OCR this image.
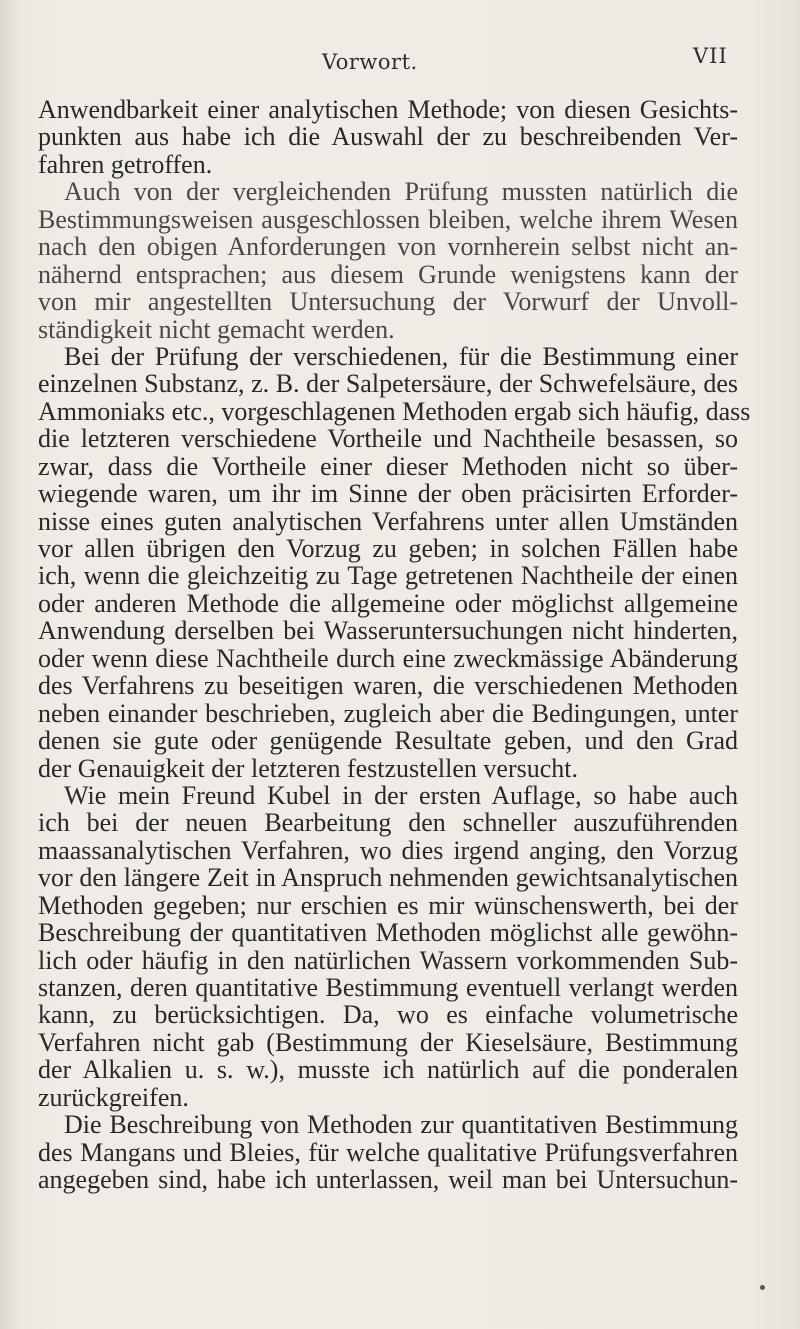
Vorwort.	VII
Anwendbarkeit einer analytischen Methode; von diesen Gesichts-
punkten aus habe ich die Auswahl der zu beschreibenden Ver-
fahren getroffen.
Auch von der vergleichenden Prüfung mussten natürlich die
Bestimmungsweisen ausgeschlossen bleiben, welche ihrem Wesen
nach den obigen Anforderungen von vornherein selbst nicht an-
nähernd entsprachen; aus diesem Grunde wenigstens kann der
von mir angestellten Untersuchung der Vorwurf der Unvoll-
ständigkeit nicht gemacht werden.
Bei der Prüfung der verschiedenen, für die Bestimmung einer
einzelnen Substanz, z. B. der Salpetersäure, der Schwefelsäure, des
Ammoniaks etc., vorgeschlagenen Methoden ergab sich häufig, dass
die letzteren verschiedene Vortheile und Nachtheile besassen, so
zwar, dass die Vortheile einer dieser Methoden nicht so über-
wiegende waren, um ihr im Sinne der oben präcisirten Erforder-
nisse eines guten analytischen Verfahrens unter allen Umständen
vor allen übrigen den Vorzug zu geben; in solchen Fällen habe
ich, wenn die gleichzeitig zu Tage getretenen Nachtheile der einen
oder anderen Methode die allgemeine oder möglichst allgemeine
Anwendung derselben bei Wasseruntersuchungen nicht hinderten,
oder wenn diese Nachtheile durch eine zweckmässige Abänderung
des Verfahrens zu beseitigen waren, die verschiedenen Methoden
neben einander beschrieben, zugleich aber die Bedingungen, unter
denen sie gute oder genügende Resultate geben, und den Grad
der Genauigkeit der letzteren festzustellen versucht.
Wie mein Freund Kubel in der ersten Auflage, so habe auch
ich bei der neuen Bearbeitung den schneller auszuführenden
maassanalytischen Verfahren, wo dies irgend anging, den Vorzug
vor den längere Zeit in Anspruch nehmenden gewichtsanalytischen
Methoden gegeben; nur erschien es mir wünschenswerth, bei der
Beschreibung der quantitativen Methoden möglichst alle gewöhn-
lich oder häufig in den natürlichen Wassern vorkommenden Sub-
stanzen, deren quantitative Bestimmung eventuell verlangt werden
kann, zu berücksichtigen. Da, wo es einfache volumetrische
Verfahren nicht gab (Bestimmung der Kieselsäure, Bestimmung
der Alkalien u. s. w.), musste ich natürlich auf die ponderalen
zurückgreifen.
Die Beschreibung von Methoden zur quantitativen Bestimmung
des Mangans und Bleies, für welche qualitative Prüfungsverfahren
angegeben sind, habe ich unterlassen, weil man bei Untersuchun-
